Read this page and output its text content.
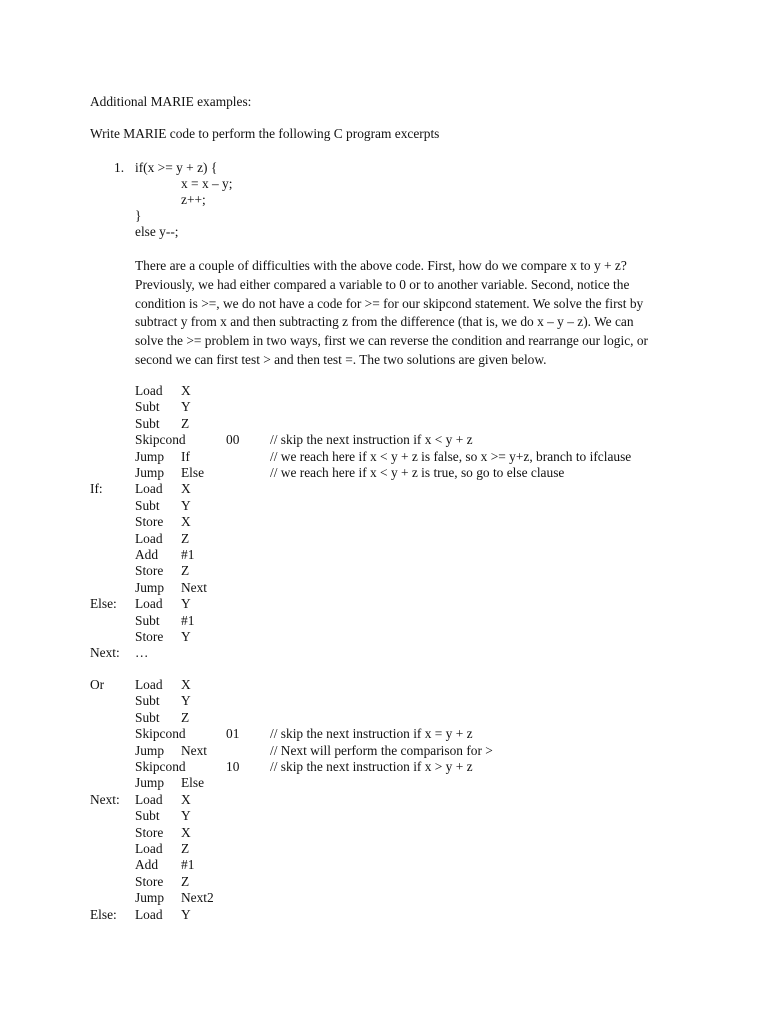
Additional MARIE examples:
Write MARIE code to perform the following C program excerpts
1. if(x >= y + z) {
x = x – y;
z++;
}
else y--;
There are a couple of difficulties with the above code. First, how do we compare x to y + z?
Previously, we had either compared a variable to 0 or to another variable. Second, notice the
condition is >=, we do not have a code for >= for our skipcond statement. We solve the first by
subtract y from x and then subtracting z from the difference (that is, we do x – y – z). We can
solve the >= problem in two ways, first we can reverse the condition and rearrange our logic, or
second we can first test > and then test =. The two solutions are given below.
Load X
Subt Y
Subt Z
Skipcond	00 // skip the next instruction if x < y + z
Jump If	// we reach here if x < y + z is false, so x >= y+z, branch to ifclause
Jump Else	// we reach here if x < y + z is true, so go to else clause
If: Load X
Subt Y
Store X
Load Z
Add #1
Store Z
Jump Next
Else: Load Y
Subt #1
Store Y
Next: …
Or Load X
Subt Y
Subt Z
Skipcond	01 // skip the next instruction if x = y + z
Jump Next	// Next will perform the comparison for >
Skipcond	10 // skip the next instruction if x > y + z
Jump Else
Next: Load X
Subt Y
Store X
Load Z
Add #1
Store Z
Jump Next2
Else: Load Y
